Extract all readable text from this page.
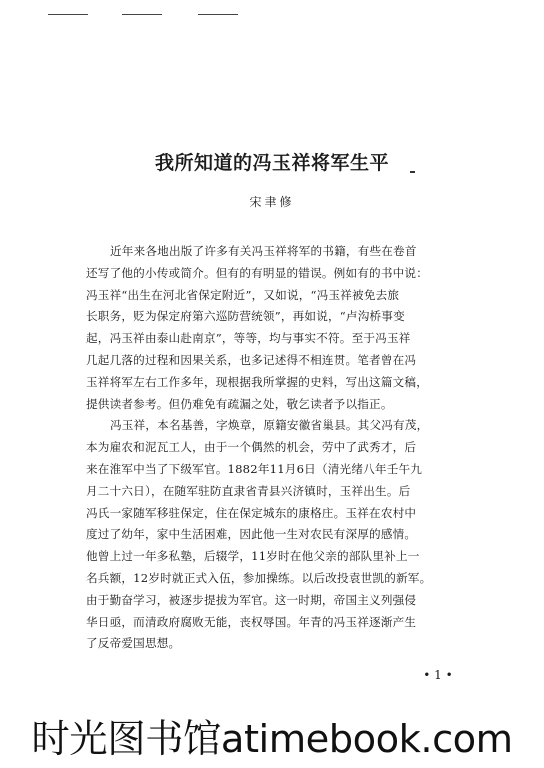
我所知道的冯玉祥将军生平
宋聿修
近年来各地出版了许多有关冯玉祥将军的书籍，有些在卷首
还写了他的小传或简介。但有的有明显的错误。例如有的书中说：
冯玉祥“出生在河北省保定附近”，又如说，“冯玉祥被免去旅
长职务，贬为保定府第六巡防营统领”，再如说，“卢沟桥事变
起，冯玉祥由泰山赴南京”，等等，均与事实不符。至于冯玉祥
几起几落的过程和因果关系，也多记述得不相连贯。笔者曾在冯
玉祥将军左右工作多年，现根据我所掌握的史料，写出这篇文稿，
提供读者参考。但仍难免有疏漏之处，敬乞读者予以指正。
冯玉祥，本名基善，字焕章，原籍安徽省巢县。其父冯有茂，
本为雇农和泥瓦工人，由于一个偶然的机会，劳中了武秀才，后
来在淮军中当了下级军官。1882年11月6日（清光绪八年壬午九
月二十六日），在随军驻防直隶省青县兴济镇时，玉祥出生。后
冯氏一家随军移驻保定，住在保定城东的康格庄。玉祥在农村中
度过了幼年，家中生活困难，因此他一生对农民有深厚的感情。
他曾上过一年多私塾，后辍学，11岁时在他父亲的部队里补上一
名兵额，12岁时就正式入伍，参加操练。以后改投袁世凯的新军。
由于勤奋学习，被逐步提拔为军官。这一时期，帝国主义列强侵
华日亟，而清政府腐败无能，丧权辱国。年青的冯玉祥逐渐产生
了反帝爱国思想。
• 1 •
时光图书馆atimebook.com
